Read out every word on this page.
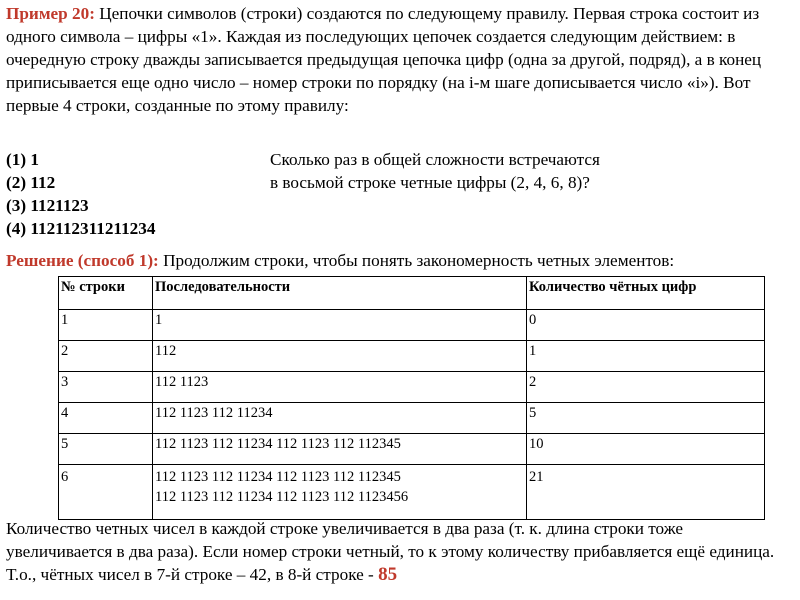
Пример 20: Цепочки символов (строки) создаются по следующему правилу. Первая строка состоит из одного символа – цифры «1». Каждая из последующих цепочек создается следующим действием: в очередную строку дважды записывается предыдущая цепочка цифр (одна за другой, подряд), а в конец приписывается еще одно число – номер строки по порядку (на i-м шаге дописывается число «i»). Вот первые 4 строки, созданные по этому правилу:
(1) 1
(2) 112
(3) 1121123
(4) 112112311211234
Сколько раз в общей сложности встречаются
в восьмой строке четные цифры (2, 4, 6, 8)?
Решение (способ 1): Продолжим строки, чтобы понять закономерность четных элементов:
№ строки	Последовательности	Количество чётных цифр
1	1	0
2	112	1
3	112 1123	2
4	112 1123 112 11234	5
5	112 1123 112 11234 112 1123 112 112345	10
6	112 1123 112 11234 112 1123 112 112345
112 1123 112 11234 112 1123 112 1123456	21
Количество четных чисел в каждой строке увеличивается в два раза (т. к. длина строки тоже увеличивается в два раза). Если номер строки четный, то к этому количеству прибавляется ещё единица. Т.о., чётных чисел в 7-й строке – 42, в 8-й строке - 85
